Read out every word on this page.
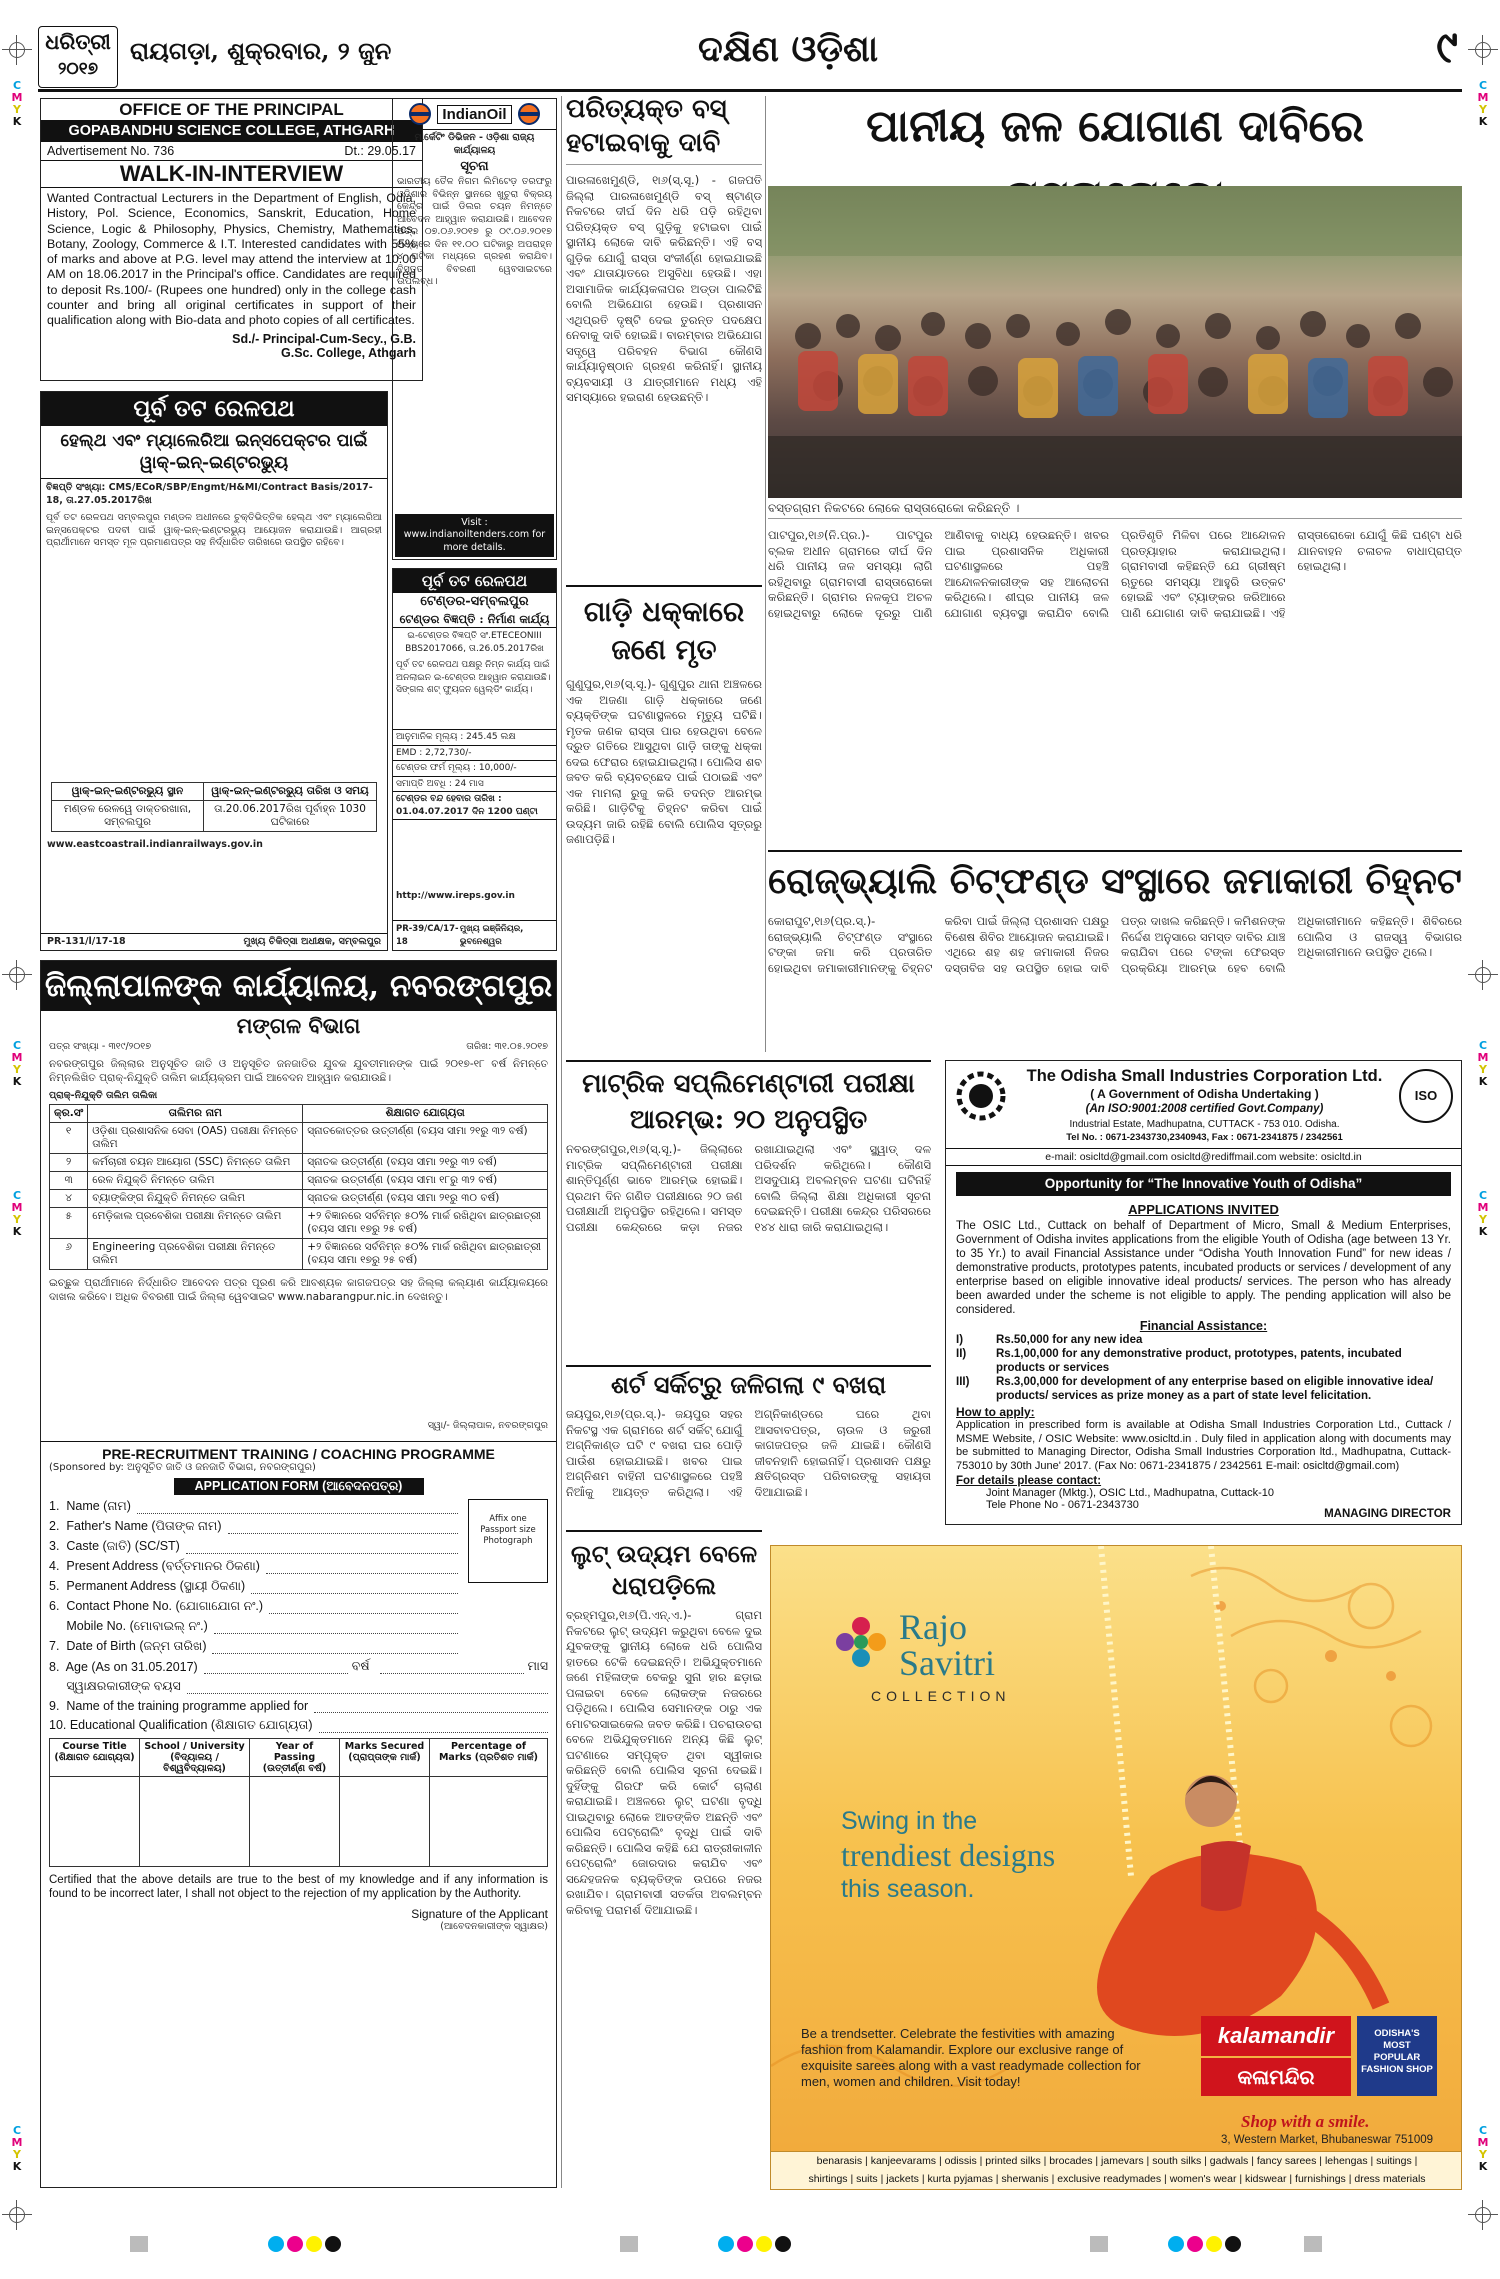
C
M
Y
K
C
M
Y
K
C
M
Y
K
C
M
Y
K
C
M
Y
K
C
M
Y
K
C
M
Y
K
C
M
Y
K
ଧରିତ୍ରୀ
୨୦୧୭
ରାୟଗଡ଼ା, ଶୁକ୍ରବାର, ୨ ଜୁନ	ଦକ୍ଷିଣ ଓଡ଼ିଶା	୯
OFFICE OF THE PRINCIPAL
GOPABANDHU SCIENCE COLLEGE, ATHGARH
Advertisement No. 736	Dt.: 29.05.17
WALK-IN-INTERVIEW
Wanted Contractual Lecturers in the Department of English, Odia, History, Pol. Science, Economics, Sanskrit, Education, Home Science, Logic & Philosophy, Physics, Chemistry, Mathematics, Botany, Zoology, Commerce & I.T. Interested candidates with 55% of marks and above at P.G. level may attend the interview at 10.00 AM on 18.06.2017 in the Principal's office. Candidates are required to deposit Rs.100/- (Rupees one hundred) only in the college cash counter and bring all original certificates in support of their qualification along with Bio-data and photo copies of all certificates.
Sd./- Principal-Cum-Secy., G.B.
G.Sc. College, Athgarh
ପୂର୍ବ ତଟ ରେଳପଥ
ହେଲ୍‌ଥ ଏବଂ ମ୍ୟାଲେରିଆ ଇନ୍‌ସପେକ୍ଟର ପାଇଁ ୱାକ୍-ଇନ୍-ଇଣ୍ଟରଭ୍ୟୁ
ବିଜ୍ଞପ୍ତି ସଂଖ୍ୟା: CMS/ECoR/SBP/Engmt/H&MI/Contract Basis/2017-18, ତା.27.05.2017ରିଖ
ପୂର୍ବ ତଟ ରେଳପଥ ସମ୍ବଲପୁର ମଣ୍ଡଳ ଅଧୀନରେ ଚୁକ୍ତିଭିତ୍ତିକ ହେଲ୍‌ଥ ଏବଂ ମ୍ୟାଲେରିଆ ଇନ୍‌ସପେକ୍ଟର ପଦବୀ ପାଇଁ ୱାକ୍-ଇନ୍-ଇଣ୍ଟରଭ୍ୟୁ ଆୟୋଜନ କରାଯାଉଛି। ଆଗ୍ରହୀ ପ୍ରାର୍ଥୀମାନେ ସମସ୍ତ ମୂଳ ପ୍ରମାଣପତ୍ର ସହ ନିର୍ଦ୍ଧାରିତ ତାରିଖରେ ଉପସ୍ଥିତ ରହିବେ।
ୱାକ୍-ଇନ୍-ଇଣ୍ଟରଭ୍ୟୁ ସ୍ଥାନ	ୱାକ୍-ଇନ୍-ଇଣ୍ଟରଭ୍ୟୁ ତାରିଖ ଓ ସମୟ
ମଣ୍ଡଳ ରେଳୱେ ଡାକ୍ତରଖାନା, ସମ୍ବଲପୁର	ତା.20.06.2017ରିଖ ପୂର୍ବାହ୍ନ 1030 ଘଟିକାରେ
www.eastcoastrail.indianrailways.gov.in
PR-131/l/17-18	ମୁଖ୍ୟ ଚିକିତ୍ସା ଅଧୀକ୍ଷକ, ସମ୍ବଲପୁର
IndianOil
ମାର୍କେଟିଂ ଡିଭିଜନ - ଓଡ଼ିଶା ରାଜ୍ୟ କାର୍ଯ୍ୟାଳୟ
ସୂଚନା
ଭାରତୀୟ ତୈଳ ନିଗମ ଲିମିଟେଡ଼ ତରଫରୁ ଓଡ଼ିଶାର ବିଭିନ୍ନ ସ୍ଥାନରେ ଖୁଚୁରା ବିକ୍ରୟ କେନ୍ଦ୍ର ପାଇଁ ଡିଲର ଚୟନ ନିମନ୍ତେ ଆବେଦନ ଆହ୍ୱାନ କରାଯାଉଛି। ଆବେଦନ ପତ୍ର ୦୭.୦୬.୨୦୧୭ ରୁ ୦୯.୦୬.୨୦୧୭ ମଧ୍ୟରେ ଦିନ ୧୧.୦୦ ଘଟିକାରୁ ଅପରାହ୍ନ ୪ ଘଟିକା ମଧ୍ୟରେ ଗ୍ରହଣ କରାଯିବ। ବିସ୍ତୃତ ବିବରଣୀ ୱେବସାଇଟରେ ଉପଲବ୍ଧ।
Visit : www.indianoiltenders.com for more details.
ପୂର୍ବ ତଟ ରେଳପଥ
ଟେଣ୍ଡର-ସମ୍ବଲପୁର
ଟେଣ୍ଡର ବିଜ୍ଞପ୍ତି : ନିର୍ମାଣ କାର୍ଯ୍ୟ
ଇ-ଟେଣ୍ଡର ବିଜ୍ଞପ୍ତି ସଂ.ETECEONIII BBS2017066, ତା.26.05.2017ରିଖ
ପୂର୍ବ ତଟ ରେଳପଥ ପକ୍ଷରୁ ନିମ୍ନ କାର୍ଯ୍ୟ ପାଇଁ ଅନଲାଇନ ଇ-ଟେଣ୍ଡର ଆହ୍ୱାନ କରାଯାଉଛି। ସିଙ୍ଗଲ ଶଟ୍ ଫ୍ୟୁଜନ ୱେଲ୍ଡିଂ କାର୍ଯ୍ୟ।
ଆନୁମାନିକ ମୂଲ୍ୟ : 245.45 ଲକ୍ଷ
EMD : 2,72,730/-
ଟେଣ୍ଡର ଫର୍ମ ମୂଲ୍ୟ : 10,000/-
ସମାପ୍ତି ଅବଧି : 24 ମାସ
ଟେଣ୍ଡର ବନ୍ଦ ହେବାର ତାରିଖ : 01.04.07.2017 ଦିନ 1200 ଘଣ୍ଟା
http://www.ireps.gov.in
PR-39/CA/17-18
ମୁଖ୍ୟ ଇଞ୍ଜିନିୟର, ଭୁବନେଶ୍ୱର
ଜିଲ୍ଲାପାଳଙ୍କ କାର୍ଯ୍ୟାଳୟ, ନବରଙ୍ଗପୁର
ମଙ୍ଗଳ ବିଭାଗ
ପତ୍ର ସଂଖ୍ୟା - ୩୧୯/୨୦୧୭	ତାରିଖ: ୩୧.୦୫.୨୦୧୭
ନବରଙ୍ଗପୁର ଜିଲ୍ଲାର ଅନୁସୂଚିତ ଜାତି ଓ ଅନୁସୂଚିତ ଜନଜାତିର ଯୁବକ ଯୁବତୀମାନଙ୍କ ପାଇଁ ୨୦୧୭-୧୮ ବର୍ଷ ନିମନ୍ତେ ନିମ୍ନଲିଖିତ ପ୍ରାକ୍-ନିଯୁକ୍ତି ତାଲିମ କାର୍ଯ୍ୟକ୍ରମ ପାଇଁ ଆବେଦନ ଆହ୍ୱାନ କରାଯାଉଛି।
ପ୍ରାକ୍-ନିଯୁକ୍ତି ତାଲିମ ତାଲିକା
କ୍ର.ସଂ	ତାଲିମର ନାମ	ଶିକ୍ଷାଗତ ଯୋଗ୍ୟତା
୧	ଓଡ଼ିଶା ପ୍ରଶାସନିକ ସେବା (OAS) ପରୀକ୍ଷା ନିମନ୍ତେ ତାଲିମ	ସ୍ନାତକୋତ୍ତର ଉତ୍ତୀର୍ଣ୍ଣ (ବୟସ ସୀମା ୨୧ରୁ ୩୨ ବର୍ଷ)
୨	କର୍ମଚାରୀ ଚୟନ ଆୟୋଗ (SSC) ନିମନ୍ତେ ତାଲିମ	ସ୍ନାତକ ଉତ୍ତୀର୍ଣ୍ଣ (ବୟସ ସୀମା ୨୧ରୁ ୩୨ ବର୍ଷ)
୩	ରେଳ ନିଯୁକ୍ତି ନିମନ୍ତେ ତାଲିମ	ସ୍ନାତକ ଉତ୍ତୀର୍ଣ୍ଣ (ବୟସ ସୀମା ୧୮ରୁ ୩୨ ବର୍ଷ)
୪	ବ୍ୟାଙ୍କିଙ୍ଗ ନିଯୁକ୍ତି ନିମନ୍ତେ ତାଲିମ	ସ୍ନାତକ ଉତ୍ତୀର୍ଣ୍ଣ (ବୟସ ସୀମା ୨୧ରୁ ୩୦ ବର୍ଷ)
୫	ମେଡ଼ିକାଲ ପ୍ରବେଶିକା ପରୀକ୍ଷା ନିମନ୍ତେ ତାଲିମ	+୨ ବିଜ୍ଞାନରେ ସର୍ବନିମ୍ନ ୫୦% ମାର୍କ ରଖିଥିବା ଛାତ୍ରଛାତ୍ରୀ (ବୟସ ସୀମା ୧୭ରୁ ୨୫ ବର୍ଷ)
୬	Engineering ପ୍ରବେଶିକା ପରୀକ୍ଷା ନିମନ୍ତେ ତାଲିମ	+୨ ବିଜ୍ଞାନରେ ସର୍ବନିମ୍ନ ୫୦% ମାର୍କ ରଖିଥିବା ଛାତ୍ରଛାତ୍ରୀ (ବୟସ ସୀମା ୧୭ରୁ ୨୫ ବର୍ଷ)
ଇଚ୍ଛୁକ ପ୍ରାର୍ଥୀମାନେ ନିର୍ଦ୍ଧାରିତ ଆବେଦନ ପତ୍ର ପୂରଣ କରି ଆବଶ୍ୟକ କାଗଜପତ୍ର ସହ ଜିଲ୍ଲା କଲ୍ୟାଣ କାର୍ଯ୍ୟାଳୟରେ ଦାଖଲ କରିବେ। ଅଧିକ ବିବରଣୀ ପାଇଁ ଜିଲ୍ଲା ୱେବସାଇଟ www.nabarangpur.nic.in ଦେଖନ୍ତୁ।
ସ୍ୱା/- ଜିଲ୍ଲାପାଳ, ନବରଙ୍ଗପୁର
PRE-RECRUITMENT TRAINING / COACHING PROGRAMME
(Sponsored by: ଅନୁସୂଚିତ ଜାତି ଓ ଜନଜାତି ବିଭାଗ, ନବରଙ୍ଗପୁର)
APPLICATION FORM (ଆବେଦନପତ୍ର)
Affix one Passport size Photograph
1.  Name (ନାମ)
2.  Father's Name (ପିତାଙ୍କ ନାମ)
3.  Caste (ଜାତି) (SC/ST)
4.  Present Address (ବର୍ତ୍ତମାନର ଠିକଣା)
5.  Permanent Address (ସ୍ଥାୟୀ ଠିକଣା)
6.  Contact Phone No. (ଯୋଗାଯୋଗ ନଂ.)
Mobile No. (ମୋବାଇଲ୍ ନଂ.)
7.  Date of Birth (ଜନ୍ମ ତାରିଖ)
8.  Age (As on 31.05.2017)	ବର୍ଷ	ମାସ
ସ୍ୱାକ୍ଷରକାରୀଙ୍କ ବୟସ
9.  Name of the training programme applied for
10. Educational Qualification (ଶିକ୍ଷାଗତ ଯୋଗ୍ୟତା)
Course Title (ଶିକ୍ଷାଗତ ଯୋଗ୍ୟତା)	School / University (ବିଦ୍ୟାଳୟ / ବିଶ୍ୱବିଦ୍ୟାଳୟ)	Year of Passing (ଉତ୍ତୀର୍ଣ୍ଣ ବର୍ଷ)	Marks Secured (ପ୍ରାପ୍ତାଙ୍କ ମାର୍କ)	Percentage of Marks (ପ୍ରତିଶତ ମାର୍କ)

Certified that the above details are true to the best of my knowledge and if any information is found to be incorrect later, I shall not object to the rejection of my application by the Authority.
Signature of the Applicant
(ଆବେଦନକାରୀଙ୍କ ସ୍ୱାକ୍ଷର)
ପରିତ୍ୟକ୍ତ ବସ୍
ହଟାଇବାକୁ ଦାବି
ପାରଳାଖେମୁଣ୍ଡି, ୧ା୬(ସ୍.ସୂ.) - ଗଜପତି ଜିଲ୍ଲା ପାରଳାଖେମୁଣ୍ଡି ବସ୍ ଷ୍ଟାଣ୍ଡ ନିକଟରେ ଦୀର୍ଘ ଦିନ ଧରି ପଡ଼ି ରହିଥିବା ପରିତ୍ୟକ୍ତ ବସ୍ ଗୁଡ଼ିକୁ ହଟାଇବା ପାଇଁ ସ୍ଥାନୀୟ ଲୋକେ ଦାବି କରିଛନ୍ତି। ଏହି ବସ୍ ଗୁଡ଼ିକ ଯୋଗୁଁ ରାସ୍ତା ସଂକୀର୍ଣ୍ଣ ହୋଇଯାଇଛି ଏବଂ ଯାତାୟାତରେ ଅସୁବିଧା ହେଉଛି। ଏହା ଅସାମାଜିକ କାର୍ଯ୍ୟକଳାପର ଅଡ୍ଡା ପାଲଟିଛି ବୋଲି ଅଭିଯୋଗ ହେଉଛି। ପ୍ରଶାସନ ଏଥିପ୍ରତି ଦୃଷ୍ଟି ଦେଇ ତୁରନ୍ତ ପଦକ୍ଷେପ ନେବାକୁ ଦାବି ହୋଇଛି। ବାରମ୍ବାର ଅଭିଯୋଗ ସତ୍ତ୍ୱେ ପରିବହନ ବିଭାଗ କୌଣସି କାର୍ଯ୍ୟାନୁଷ୍ଠାନ ଗ୍ରହଣ କରିନାହିଁ। ସ୍ଥାନୀୟ ବ୍ୟବସାୟୀ ଓ ଯାତ୍ରୀମାନେ ମଧ୍ୟ ଏହି ସମସ୍ୟାରେ ହଇରାଣ ହେଉଛନ୍ତି।
ଗାଡ଼ି ଧକ୍କାରେ
ଜଣେ ମୃତ
ଗୁଣୁପୁର,୧ା୬(ସ୍.ସୂ.)- ଗୁଣୁପୁର ଥାନା ଅଞ୍ଚଳରେ ଏକ ଅଜଣା ଗାଡ଼ି ଧକ୍କାରେ ଜଣେ ବ୍ୟକ୍ତିଙ୍କ ଘଟଣାସ୍ଥଳରେ ମୃତ୍ୟୁ ଘଟିଛି। ମୃତକ ଜଣକ ରାସ୍ତା ପାର ହେଉଥିବା ବେଳେ ଦ୍ରୁତ ଗତିରେ ଆସୁଥିବା ଗାଡ଼ି ତାଙ୍କୁ ଧକ୍କା ଦେଇ ଫେରାର ହୋଇଯାଇଥିଲା। ପୋଲିସ ଶବ ଜବତ କରି ବ୍ୟବଚ୍ଛେଦ ପାଇଁ ପଠାଇଛି ଏବଂ ଏକ ମାମଲା ରୁଜୁ କରି ତଦନ୍ତ ଆରମ୍ଭ କରିଛି। ଗାଡ଼ିଟିକୁ ଚିହ୍ନଟ କରିବା ପାଇଁ ଉଦ୍ୟମ ଜାରି ରହିଛି ବୋଲି ପୋଲିସ ସୂତ୍ରରୁ ଜଣାପଡ଼ିଛି।
ପାନୀୟ ଜଳ ଯୋଗାଣ ଦାବିରେ
ବସ୍ତଗ୍ରାମ ନିକଟରେ ଲୋକେ ରାସ୍ତାରୋକୋ କରିଛନ୍ତି ।
ପାଟପୁର,୧ା୬(ନି.ପ୍ର.)- ପାଟପୁର ବ୍ଲକ ଅଧୀନ ଗ୍ରାମରେ ଦୀର୍ଘ ଦିନ ଧରି ପାନୀୟ ଜଳ ସମସ୍ୟା ଲାଗି ରହିଥିବାରୁ ଗ୍ରାମବାସୀ ରାସ୍ତାରୋକୋ କରିଛନ୍ତି। ଗ୍ରାମର ନଳକୂପ ଅଚଳ ହୋଇଥିବାରୁ ଲୋକେ ଦୂରରୁ ପାଣି ଆଣିବାକୁ ବାଧ୍ୟ ହେଉଛନ୍ତି। ଖବର ପାଇ ପ୍ରଶାସନିକ ଅଧିକାରୀ ଘଟଣାସ୍ଥଳରେ ପହଞ୍ଚି ଆନ୍ଦୋଳନକାରୀଙ୍କ ସହ ଆଲୋଚନା କରିଥିଲେ। ଶୀଘ୍ର ପାନୀୟ ଜଳ ଯୋଗାଣ ବ୍ୟବସ୍ଥା କରାଯିବ ବୋଲି ପ୍ରତିଶୃତି ମିଳିବା ପରେ ଆନ୍ଦୋଳନ ପ୍ରତ୍ୟାହାର କରାଯାଇଥିଲା। ଗ୍ରାମବାସୀ କହିଛନ୍ତି ଯେ ଗ୍ରୀଷ୍ମ ଋତୁରେ ସମସ୍ୟା ଆହୁରି ଉତ୍କଟ ହୋଇଛି ଏବଂ ଟ୍ୟାଙ୍କର ଜରିଆରେ ପାଣି ଯୋଗାଣ ଦାବି କରାଯାଇଛି। ଏହି ରାସ୍ତାରୋକୋ ଯୋଗୁଁ କିଛି ଘଣ୍ଟା ଧରି ଯାନବାହନ ଚଳାଚଳ ବାଧାପ୍ରାପ୍ତ ହୋଇଥିଲା।
ରୋଜ୍‌ଭ୍ୟାଲି ଚିଟ୍‌ଫଣ୍ଡ ସଂସ୍ଥାରେ ଜମାକାରୀ ଚିହ୍ନଟ
କୋରାପୁଟ,୧ା୬(ପ୍ର.ସ୍.)- ରୋଜ୍‌ଭ୍ୟାଲି ଚିଟ୍‌ଫଣ୍ଡ ସଂସ୍ଥାରେ ଟଙ୍କା ଜମା କରି ପ୍ରତାରିତ ହୋଇଥିବା ଜମାକାରୀମାନଙ୍କୁ ଚିହ୍ନଟ କରିବା ପାଇଁ ଜିଲ୍ଲା ପ୍ରଶାସନ ପକ୍ଷରୁ ବିଶେଷ ଶିବିର ଆୟୋଜନ କରାଯାଇଛି। ଏଥିରେ ଶହ ଶହ ଜମାକାରୀ ନିଜର ଦସ୍ତାବିଜ ସହ ଉପସ୍ଥିତ ହୋଇ ଦାବି ପତ୍ର ଦାଖଲ କରିଛନ୍ତି। କମିଶନଙ୍କ ନିର୍ଦ୍ଦେଶ ଅନୁସାରେ ସମସ୍ତ ଦାବିର ଯାଞ୍ଚ କରାଯିବା ପରେ ଟଙ୍କା ଫେରସ୍ତ ପ୍ରକ୍ରିୟା ଆରମ୍ଭ ହେବ ବୋଲି ଅଧିକାରୀମାନେ କହିଛନ୍ତି। ଶିବିରରେ ପୋଲିସ ଓ ରାଜସ୍ୱ ବିଭାଗର ଅଧିକାରୀମାନେ ଉପସ୍ଥିତ ଥିଲେ।
ମାଟ୍ରିକ ସପ୍ଲିମେଣ୍ଟାରୀ ପରୀକ୍ଷା
ଆରମ୍ଭ: ୨୦ ଅନୁପସ୍ଥିତ
ନବରଙ୍ଗପୁର,୧ା୬(ସ୍.ସୂ.)- ଜିଲ୍ଲାରେ ମାଟ୍ରିକ ସପ୍ଲିମେଣ୍ଟାରୀ ପରୀକ୍ଷା ଶାନ୍ତିପୂର୍ଣ୍ଣ ଭାବେ ଆରମ୍ଭ ହୋଇଛି। ପ୍ରଥମ ଦିନ ଗଣିତ ପରୀକ୍ଷାରେ ୨୦ ଜଣ ପରୀକ୍ଷାର୍ଥୀ ଅନୁପସ୍ଥିତ ରହିଥିଲେ। ସମସ୍ତ ପରୀକ୍ଷା କେନ୍ଦ୍ରରେ କଡ଼ା ନଜର ରଖାଯାଇଥିଲା ଏବଂ ସ୍କ୍ୱାଡ୍ ଦଳ ପରିଦର୍ଶନ କରିଥିଲେ। କୌଣସି ଅସଦୁପାୟ ଅବଲମ୍ବନ ଘଟଣା ଘଟିନାହିଁ ବୋଲି ଜିଲ୍ଲା ଶିକ୍ଷା ଅଧିକାରୀ ସୂଚନା ଦେଇଛନ୍ତି। ପରୀକ୍ଷା କେନ୍ଦ୍ର ପରିସରରେ ୧୪୪ ଧାରା ଜାରି କରାଯାଇଥିଲା।
ଶର୍ଟ ସର୍କିଟ୍‌ରୁ ଜଳିଗଲା ୯ ବଖରା
ଜୟପୁର,୧ା୬(ପ୍ର.ସ୍.)- ଜୟପୁର ସହର ନିକଟସ୍ଥ ଏକ ଗ୍ରାମରେ ଶର୍ଟ ସର୍କିଟ୍ ଯୋଗୁଁ ଅଗ୍ନିକାଣ୍ଡ ଘଟି ୯ ବଖରା ଘର ପୋଡ଼ି ପାଉଁଶ ହୋଇଯାଇଛି। ଖବର ପାଇ ଅଗ୍ନିଶମ ବାହିନୀ ଘଟଣାସ୍ଥଳରେ ପହଞ୍ଚି ନିଆଁକୁ ଆୟତ୍ତ କରିଥିଲା। ଏହି ଅଗ୍ନିକାଣ୍ଡରେ ଘରେ ଥିବା ଆସବାବପତ୍ର, ଚାଉଳ ଓ ଜରୁରୀ କାଗଜପତ୍ର ଜଳି ଯାଇଛି। କୌଣସି ଜୀବନହାନି ହୋଇନାହିଁ। ପ୍ରଶାସନ ପକ୍ଷରୁ କ୍ଷତିଗ୍ରସ୍ତ ପରିବାରଙ୍କୁ ସହାୟତା ଦିଆଯାଇଛି।
ଲୁଟ୍ ଉଦ୍ୟମ ବେଳେ
ଧରାପଡ଼ିଲେ
ବ୍ରହ୍ମପୁର,୧ା୬(ପି.ଏନ୍.ଏ.)- ଗ୍ରାମ ନିକଟରେ ଲୁଟ୍ ଉଦ୍ୟମ କରୁଥିବା ବେଳେ ଦୁଇ ଯୁବକଙ୍କୁ ସ୍ଥାନୀୟ ଲୋକେ ଧରି ପୋଲିସ ହାତରେ ଟେକି ଦେଇଛନ୍ତି। ଅଭିଯୁକ୍ତମାନେ ଜଣେ ମହିଳାଙ୍କ ବେକରୁ ସୁନା ହାର ଛଡ଼ାଇ ପଳାଇବା ବେଳେ ଲୋକଙ୍କ ନଜରରେ ପଡ଼ିଥିଲେ। ପୋଲିସ ସେମାନଙ୍କ ଠାରୁ ଏକ ମୋଟରସାଇକେଲ ଜବତ କରିଛି। ପଚରାଉଚରା ବେଳେ ଅଭିଯୁକ୍ତମାନେ ଅନ୍ୟ କିଛି ଲୁଟ୍ ଘଟଣାରେ ସମ୍ପୃକ୍ତ ଥିବା ସ୍ୱୀକାର କରିଛନ୍ତି ବୋଲି ପୋଲିସ ସୂଚନା ଦେଇଛି। ଦୁହିଁଙ୍କୁ ଗିରଫ କରି କୋର୍ଟ ଚାଲାଣ କରାଯାଇଛି। ଅଞ୍ଚଳରେ ଲୁଟ୍ ଘଟଣା ବୃଦ୍ଧି ପାଇଥିବାରୁ ଲୋକେ ଆତଙ୍କିତ ଅଛନ୍ତି ଏବଂ ପୋଲିସ ପେଟ୍ରୋଲିଂ ବୃଦ୍ଧି ପାଇଁ ଦାବି କରିଛନ୍ତି। ପୋଲିସ କହିଛି ଯେ ରାତ୍ରୀକାଳୀନ ପେଟ୍ରୋଲିଂ ଜୋରଦାର କରାଯିବ ଏବଂ ସନ୍ଦେହଜନକ ବ୍ୟକ୍ତିଙ୍କ ଉପରେ ନଜର ରଖାଯିବ। ଗ୍ରାମବାସୀ ସତର୍କତା ଅବଲମ୍ବନ କରିବାକୁ ପରାମର୍ଶ ଦିଆଯାଇଛି।
ISO
The Odisha Small Industries Corporation Ltd.
( A Government of Odisha Undertaking )
(An ISO:9001:2008 certified Govt.Company)
Industrial Estate, Madhupatna, CUTTACK - 753 010. Odisha.
Tel No. : 0671-2343730,2340943, Fax : 0671-2341875 / 2342561
e-mail: osicltd@gmail.com osicltd@rediffmail.com website: osicltd.in
Opportunity for “The Innovative Youth of Odisha”
APPLICATIONS INVITED
The OSIC Ltd., Cuttack on behalf of Department of Micro, Small & Medium Enterprises, Government of Odisha invites applications from the eligible Youth of Odisha (age between 13 Yr. to 35 Yr.) to avail Financial Assistance under “Odisha Youth Innovation Fund” for new ideas / demonstrative products, prototypes patents, incubated products or services / development of any enterprise based on eligible innovative ideal products/ services. The person who has already been awarded under the scheme is not eligible to apply. The pending application will also be considered.
Financial Assistance:
I)	Rs.50,000 for any new idea
II)	Rs.1,00,000 for any demonstrative product, prototypes, patents, incubated products or services
III)	Rs.3,00,000 for development of any enterprise based on eligible innovative idea/ products/ services as prize money as a part of state level felicitation.
How to apply:
Application in prescribed form is available at Odisha Small Industries Corporation Ltd., Cuttack / MSME Website, / OSIC Website: www.osicltd.in . Duly filed in application along with documents may be submitted to Managing Director, Odisha Small Industries Corporation ltd., Madhupatna, Cuttack-753010 by 30th June' 2017. (Fax No: 0671-2341875 / 2342561 E-mail: osicltd@gmail.com)
For details please contact:
Joint Manager (Mktg.), OSIC Ltd., Madhupatna, Cuttack-10
Tele Phone No - 0671-2343730
MANAGING DIRECTOR
Rajo
Savitri
COLLECTION
Swing in the
trendiest designs
this season.
Be a trendsetter. Celebrate the festivities with amazing fashion from Kalamandir. Explore our exclusive range of exquisite sarees along with a vast readymade collection for men, women and children. Visit today!
kalamandir
କଳାମନ୍ଦିର
ODISHA'S MOST POPULAR FASHION SHOP
Shop with a smile.
3, Western Market, Bhubaneswar 751009
benarasis | kanjeevarams | odissis | printed silks | brocades | jamevars | south silks | gadwals | fancy sarees | lehengas | suitings |
shirtings | suits | jackets | kurta pyjamas | sherwanis | exclusive readymades | women's wear | kidswear | furnishings | dress materials
